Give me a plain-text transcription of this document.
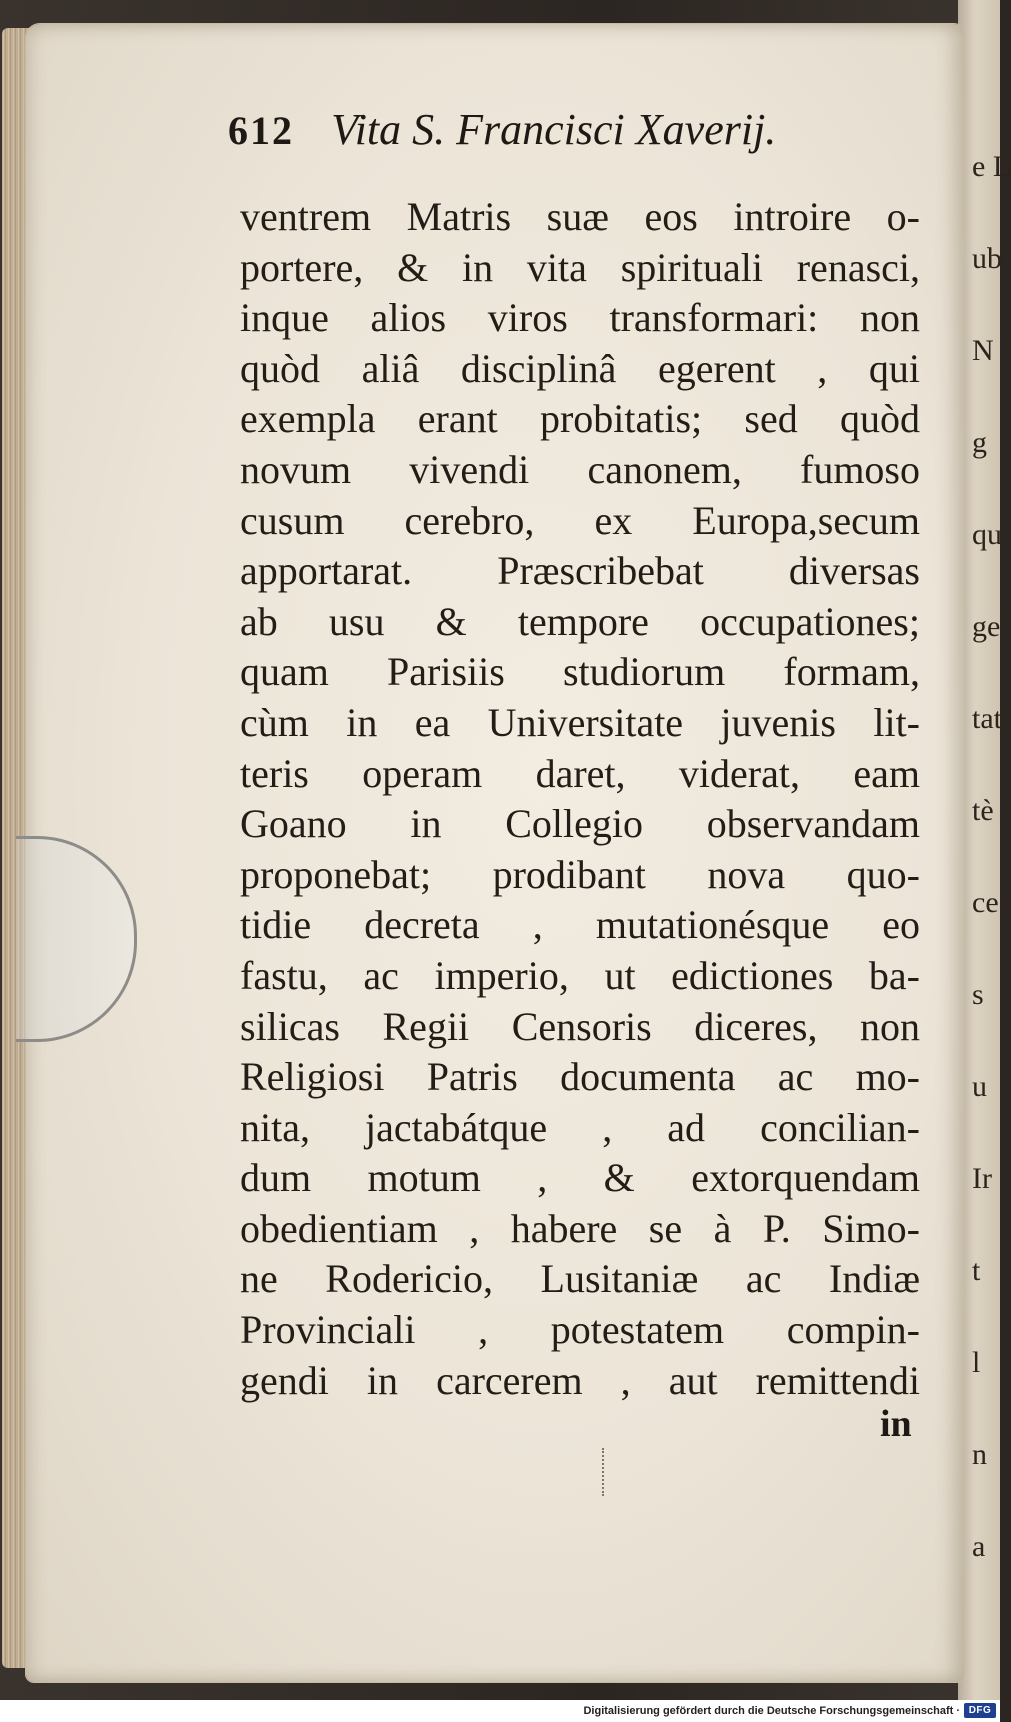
e L
ub
N
g
qu
ge
tat
tè
ce
s
u
Ir
t
l
n
a
612 Vita S. Francisci Xaverij.
ventrem Matris suæ eos introire o-
portere, & in vita spirituali renasci,
inque alios viros transformari: non
quòd aliâ disciplinâ egerent , qui
exempla erant probitatis; sed quòd
novum vivendi canonem, fumoso
cusum cerebro, ex Europa,secum
apportarat. Præscribebat diversas
ab usu & tempore occupationes;
quam Parisiis studiorum formam,
cùm in ea Universitate juvenis lit-
teris operam daret, viderat, eam
Goano in Collegio observandam
proponebat; prodibant nova quo-
tidie decreta , mutationésque eo
fastu, ac imperio, ut edictiones ba-
silicas Regii Censoris diceres, non
Religiosi Patris documenta ac mo-
nita, jactabátque , ad concilian-
dum motum , & extorquendam
obedientiam , habere se à P. Simo-
ne Rodericio, Lusitaniæ ac Indiæ
Provinciali , potestatem compin-
gendi in carcerem , aut remittendi
in
Digitalisierung gefördert durch die Deutsche Forschungsgemeinschaft · DFG
